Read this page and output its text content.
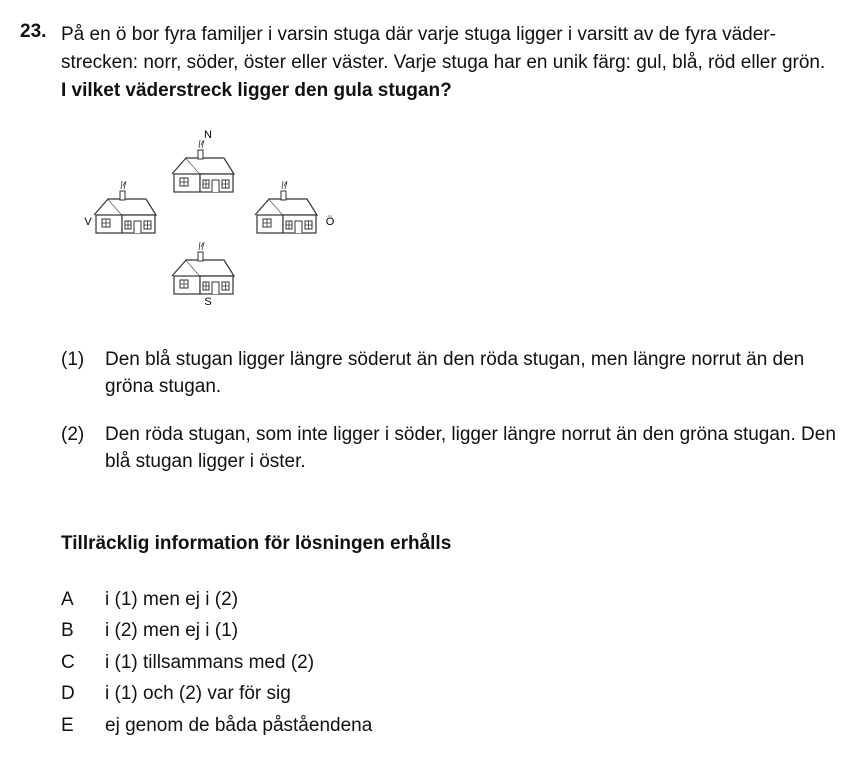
23. På en ö bor fyra familjer i varsin stuga där varje stuga ligger i varsitt av de fyra väder-strecken: norr, söder, öster eller väster. Varje stuga har en unik färg: gul, blå, röd eller grön. I vilket väderstreck ligger den gula stugan?
N
S
Ö
V
(1) Den blå stugan ligger längre söderut än den röda stugan, men längre norrut än den gröna stugan.
(2) Den röda stugan, som inte ligger i söder, ligger längre norrut än den gröna stugan. Den blå stugan ligger i öster.
Tillräcklig information för lösningen erhålls
A	i (1) men ej i (2)
B	i (2) men ej i (1)
C	i (1) tillsammans med (2)
D	i (1) och (2) var för sig
E	ej genom de båda påståendena
